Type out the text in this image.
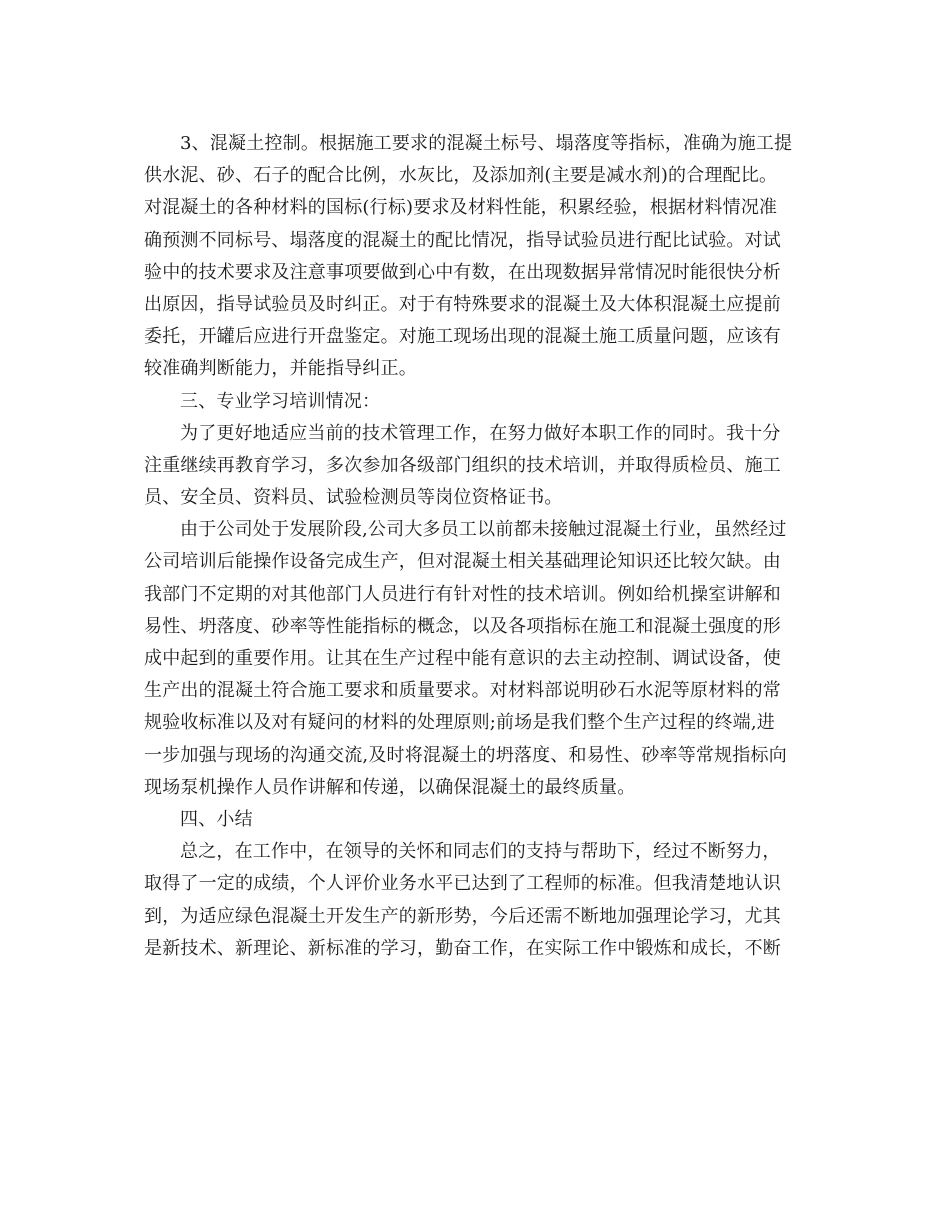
3、混凝土控制。根据施工要求的混凝土标号、塌落度等指标，准确为施工提
供水泥、砂、石子的配合比例，水灰比，及添加剂(主要是减水剂)的合理配比。
对混凝土的各种材料的国标(行标)要求及材料性能，积累经验，根据材料情况准
确预测不同标号、塌落度的混凝土的配比情况，指导试验员进行配比试验。对试
验中的技术要求及注意事项要做到心中有数，在出现数据异常情况时能很快分析
出原因，指导试验员及时纠正。对于有特殊要求的混凝土及大体积混凝土应提前
委托，开罐后应进行开盘鉴定。对施工现场出现的混凝土施工质量问题，应该有
较准确判断能力，并能指导纠正。
三、专业学习培训情况：
为了更好地适应当前的技术管理工作，在努力做好本职工作的同时。我十分
注重继续再教育学习，多次参加各级部门组织的技术培训，并取得质检员、施工
员、安全员、资料员、试验检测员等岗位资格证书。
由于公司处于发展阶段,公司大多员工以前都未接触过混凝土行业，虽然经过
公司培训后能操作设备完成生产，但对混凝土相关基础理论知识还比较欠缺。由
我部门不定期的对其他部门人员进行有针对性的技术培训。例如给机操室讲解和
易性、坍落度、砂率等性能指标的概念，以及各项指标在施工和混凝土强度的形
成中起到的重要作用。让其在生产过程中能有意识的去主动控制、调试设备，使
生产出的混凝土符合施工要求和质量要求。对材料部说明砂石水泥等原材料的常
规验收标准以及对有疑问的材料的处理原则;前场是我们整个生产过程的终端,进
一步加强与现场的沟通交流,及时将混凝土的坍落度、和易性、砂率等常规指标向
现场泵机操作人员作讲解和传递，以确保混凝土的最终质量。
四、小结
总之，在工作中，在领导的关怀和同志们的支持与帮助下，经过不断努力，
取得了一定的成绩，个人评价业务水平已达到了工程师的标准。但我清楚地认识
到，为适应绿色混凝土开发生产的新形势，今后还需不断地加强理论学习，尤其
是新技术、新理论、新标准的学习，勤奋工作，在实际工作中锻炼和成长，不断
